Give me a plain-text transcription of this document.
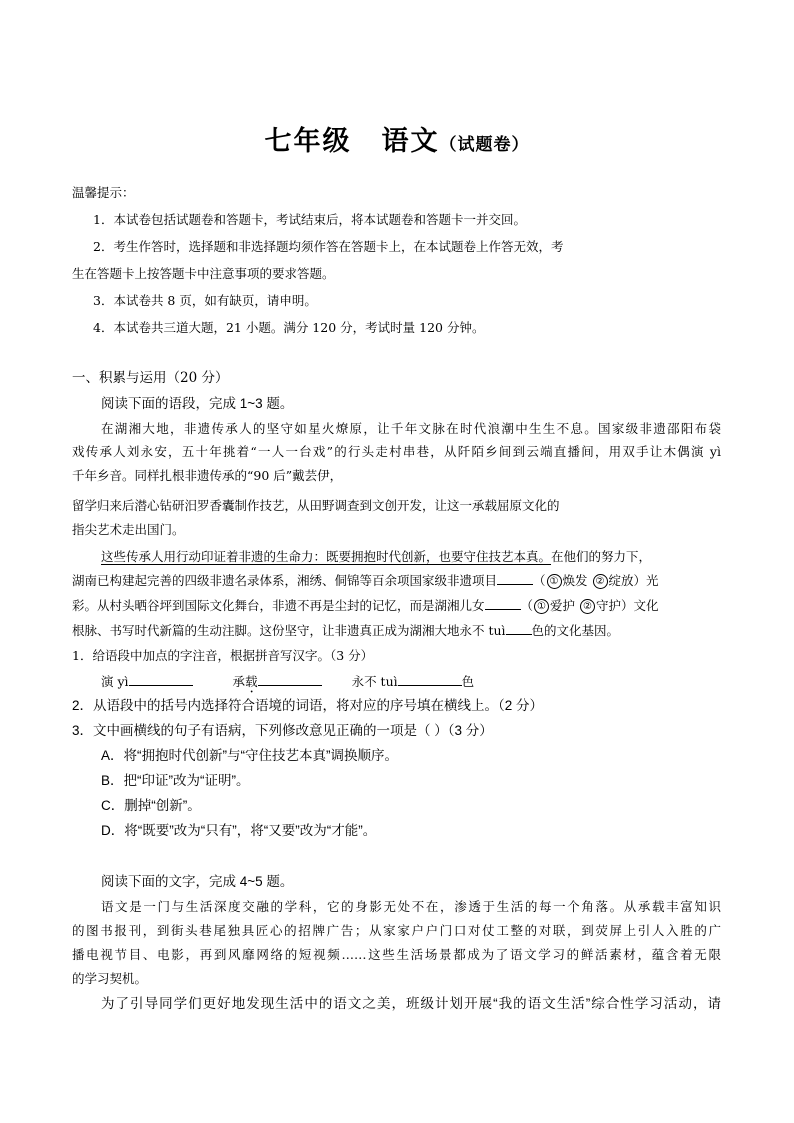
七年级 语文（试题卷）
温馨提示：
1．本试卷包括试题卷和答题卡，考试结束后，将本试题卷和答题卡一并交回。
2．考生作答时，选择题和非选择题均须作答在答题卡上，在本试题卷上作答无效，考
生在答题卡上按答题卡中注意事项的要求答题。
3．本试卷共 8 页，如有缺页，请申明。
4．本试卷共三道大题，21 小题。满分 120 分，考试时量 120 分钟。
一、积累与运用（20 分）
阅读下面的语段，完成 1~3 题。
在湖湘大地，非遗传承人的坚守如星火燎原，让千年文脉在时代浪潮中生生不息。国家级非遗邵阳布袋
戏传承人刘永安，五十年挑着“一人一台戏”的行头走村串巷，从阡陌乡间到云端直播间，用双手让木偶演 yì
千年乡音。同样扎根非遗传承的“90 后”戴芸伊，
留学归来后潜心钻研汨罗香囊制作技艺，从田野调查到文创开发，让这一承载屈原文化的
指尖艺术走出国门。
这些传承人用行动印证着非遗的生命力：既要拥抱时代创新，也要守住技艺本真。在他们的努力下，
湖南已构建起完善的四级非遗名录体系，湘绣、侗锦等百余项国家级非遗项目	（ ① 焕发 ② 绽放）光
彩。从村头晒谷坪到国际文化舞台，非遗不再是尘封的记忆，而是湖湘儿女	（ ① 爱护 ② 守护）文化
根脉、书写时代新篇的生动注脚。这份坚守，让非遗真正成为湖湘大地永不 tuì 色的文化基因。
1．给语段中加点的字注音，根据拼音写汉字。（3 分）
演 yì	承载	永不 tuì	色
2．从语段中的括号内选择符合语境的词语，将对应的序号填在横线上。（2 分）
3．文中画横线的句子有语病，下列修改意见正确的一项是（ ）（3 分）
A．将“拥抱时代创新”与“守住技艺本真”调换顺序。
B．把“印证”改为“证明”。
C．删掉“创新”。
D．将“既要”改为“只有”，将“又要”改为“才能”。
阅读下面的文字，完成 4~5 题。
语文是一门与生活深度交融的学科，它的身影无处不在，渗透于生活的每一个角落。从承载丰富知识
的图书报刊，到街头巷尾独具匠心的招牌广告；从家家户户门口对仗工整的对联，到荧屏上引人入胜的广
播电视节目、电影，再到风靡网络的短视频……这些生活场景都成为了语文学习的鲜活素材，蕴含着无限
的学习契机。
为了引导同学们更好地发现生活中的语文之美，班级计划开展“我的语文生活”综合性学习活动，请
